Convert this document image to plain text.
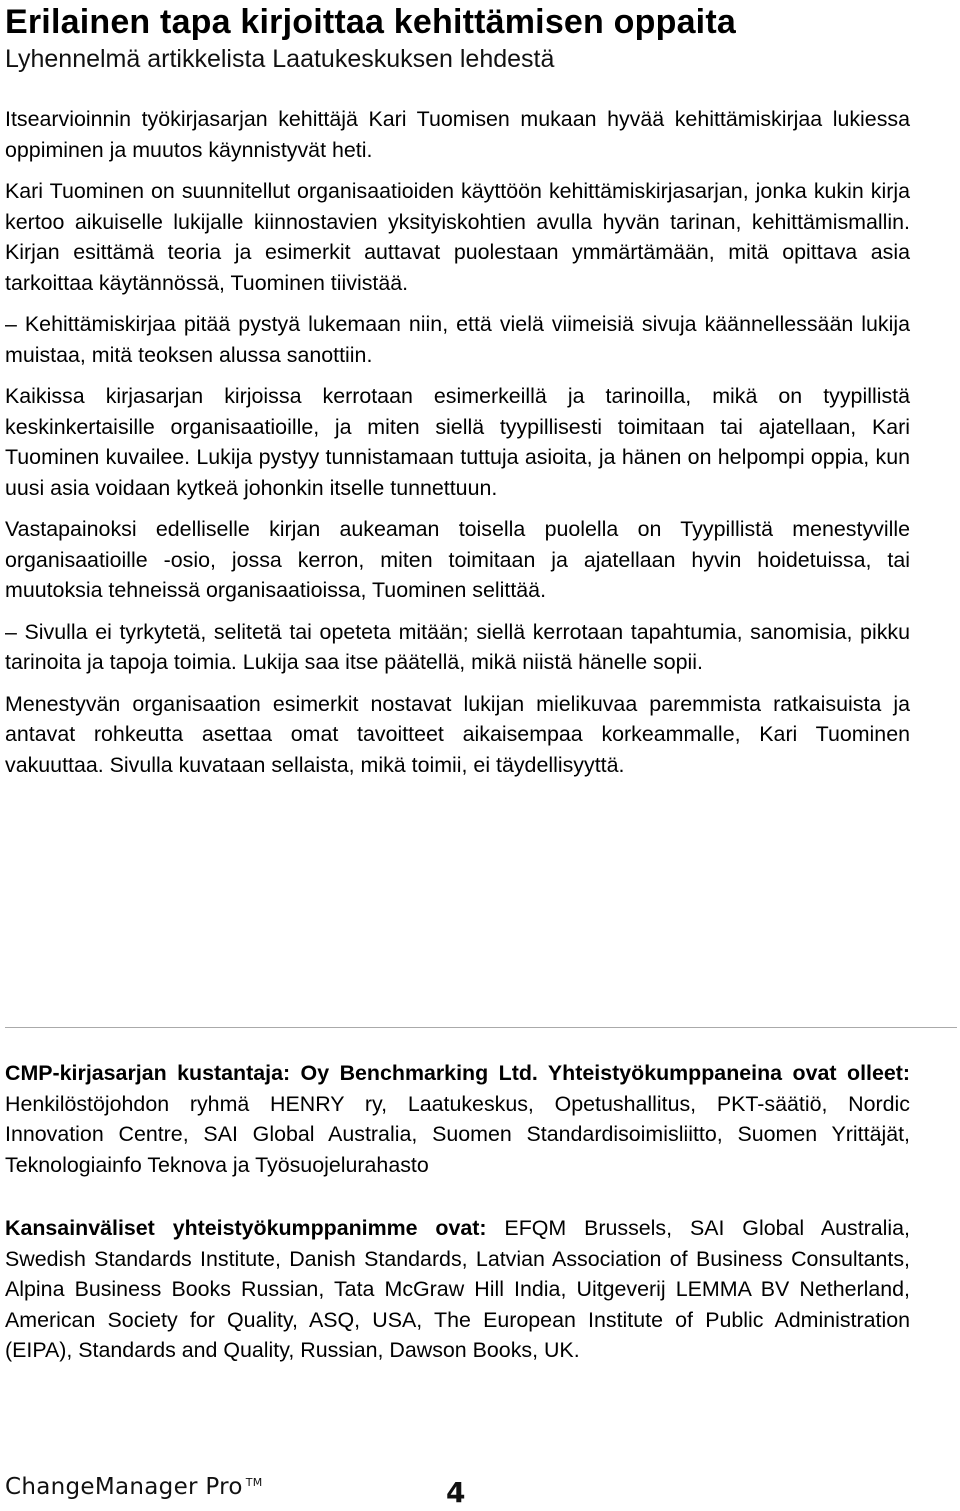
Erilainen tapa kirjoittaa kehittämisen oppaita
Lyhennelmä artikkelista Laatukeskuksen lehdestä

Itsearvioinnin työkirjasarjan kehittäjä Kari Tuomisen mukaan hyvää kehittämiskirjaa lukiessa oppiminen ja muutos käynnistyvät heti.

Kari Tuominen on suunnitellut organisaatioiden käyttöön kehittämiskirjasarjan, jonka kukin kirja kertoo aikuiselle lukijalle kiinnostavien yksityiskohtien avulla hyvän tarinan, kehittämismallin. Kirjan esittämä teoria ja esimerkit auttavat puolestaan ymmärtämään, mitä opittava asia tarkoittaa käytännössä, Tuominen tiivistää.

– Kehittämiskirjaa pitää pystyä lukemaan niin, että vielä viimeisiä sivuja käännellessään lukija muistaa, mitä teoksen alussa sanottiin.

Kaikissa kirjasarjan kirjoissa kerrotaan esimerkeillä ja tarinoilla, mikä on tyypillistä keskinkertaisille organisaatioille, ja miten siellä tyypillisesti toimitaan tai ajatellaan, Kari Tuominen kuvailee. Lukija pystyy tunnistamaan tuttuja asioita, ja hänen on helpompi oppia, kun uusi asia voidaan kytkeä johonkin itselle tunnettuun.

Vastapainoksi edelliselle kirjan aukeaman toisella puolella on Tyypillistä menestyville organisaatioille -osio, jossa kerron, miten toimitaan ja ajatellaan hyvin hoidetuissa, tai muutoksia tehneissä organisaatioissa, Tuominen selittää.

– Sivulla ei tyrkytetä, selitetä tai opeteta mitään; siellä kerrotaan tapahtumia, sanomisia, pikku tarinoita ja tapoja toimia. Lukija saa itse päätellä, mikä niistä hänelle sopii.

Menestyvän organisaation esimerkit nostavat lukijan mielikuvaa paremmista ratkaisuista ja antavat rohkeutta asettaa omat tavoitteet aikaisempaa korkeammalle, Kari Tuominen vakuuttaa. Sivulla kuvataan sellaista, mikä toimii, ei täydellisyyttä.

CMP-kirjasarjan kustantaja: Oy Benchmarking Ltd. Yhteistyökumppaneina ovat olleet: Henkilöstöjohdon ryhmä HENRY ry, Laatukeskus, Opetushallitus, PKT-säätiö, Nordic Innovation Centre, SAI Global Australia, Suomen Standardisoimisliitto, Suomen Yrittäjät, Teknologiainfo Teknova ja Työsuojelurahasto

Kansainväliset yhteistyökumppanimme ovat: EFQM Brussels, SAI Global Australia, Swedish Standards Institute, Danish Standards, Latvian Association of Business Consultants, Alpina Business Books Russian, Tata McGraw Hill India, Uitgeverij LEMMA BV Netherland, American Society for Quality, ASQ, USA, The European Institute of Public Administration (EIPA), Standards and Quality, Russian, Dawson Books, UK.

ChangeManager Pro ™	4
